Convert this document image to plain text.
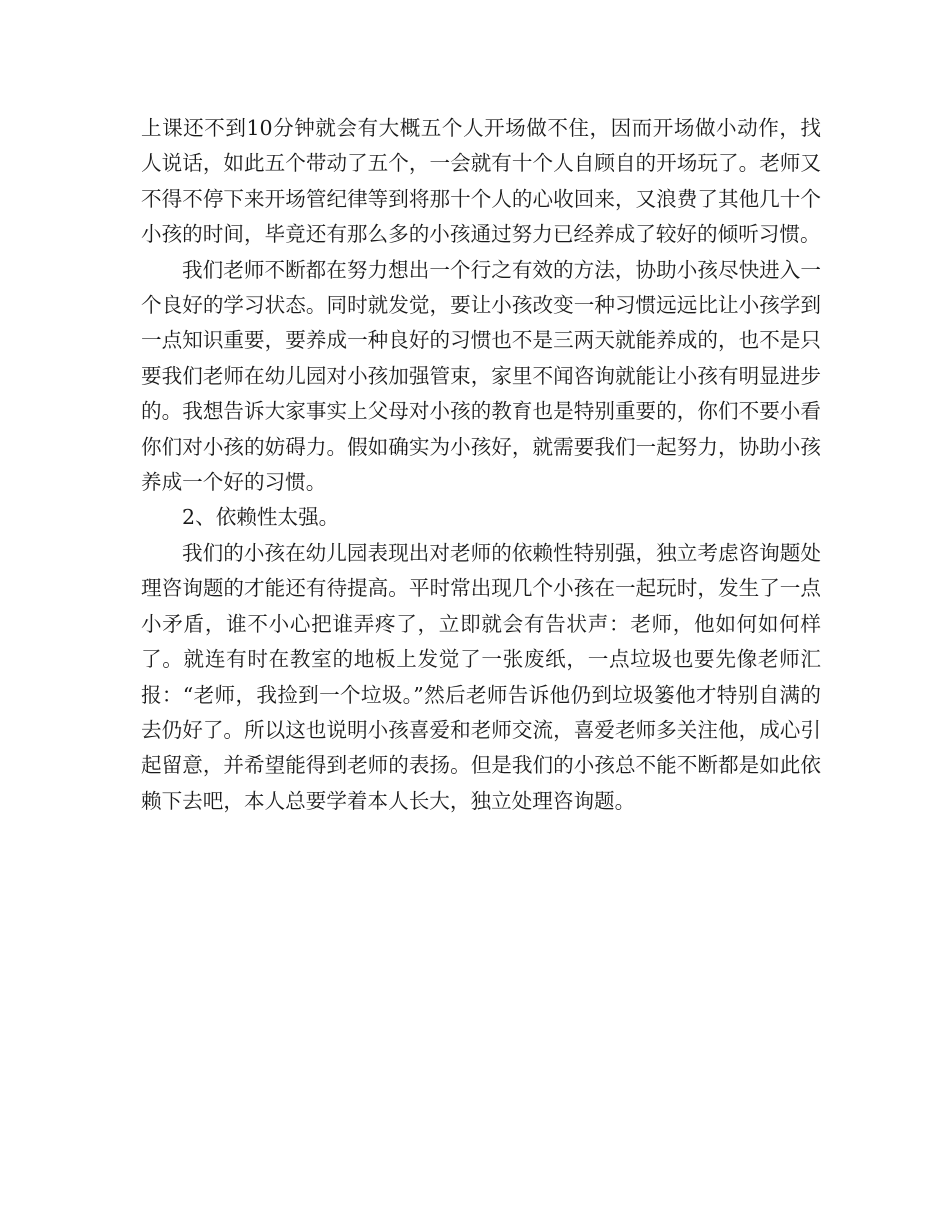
上课还不到10分钟就会有大概五个人开场做不住，因而开场做小动作，找人说话，如此五个带动了五个，一会就有十个人自顾自的开场玩了。老师又不得不停下来开场管纪律等到将那十个人的心收回来，又浪费了其他几十个小孩的时间，毕竟还有那么多的小孩通过努力已经养成了较好的倾听习惯。

我们老师不断都在努力想出一个行之有效的方法，协助小孩尽快进入一个良好的学习状态。同时就发觉，要让小孩改变一种习惯远远比让小孩学到一点知识重要，要养成一种良好的习惯也不是三两天就能养成的，也不是只要我们老师在幼儿园对小孩加强管束，家里不闻咨询就能让小孩有明显进步的。我想告诉大家事实上父母对小孩的教育也是特别重要的，你们不要小看你们对小孩的妨碍力。假如确实为小孩好，就需要我们一起努力，协助小孩养成一个好的习惯。

2、依赖性太强。

我们的小孩在幼儿园表现出对老师的依赖性特别强，独立考虑咨询题处理咨询题的才能还有待提高。平时常出现几个小孩在一起玩时，发生了一点小矛盾，谁不小心把谁弄疼了，立即就会有告状声：老师，他如何如何样了。就连有时在教室的地板上发觉了一张废纸，一点垃圾也要先像老师汇报：“老师，我捡到一个垃圾。”然后老师告诉他仍到垃圾篓他才特别自满的去仍好了。所以这也说明小孩喜爱和老师交流，喜爱老师多关注他，成心引起留意，并希望能得到老师的表扬。但是我们的小孩总不能不断都是如此依赖下去吧，本人总要学着本人长大，独立处理咨询题。
